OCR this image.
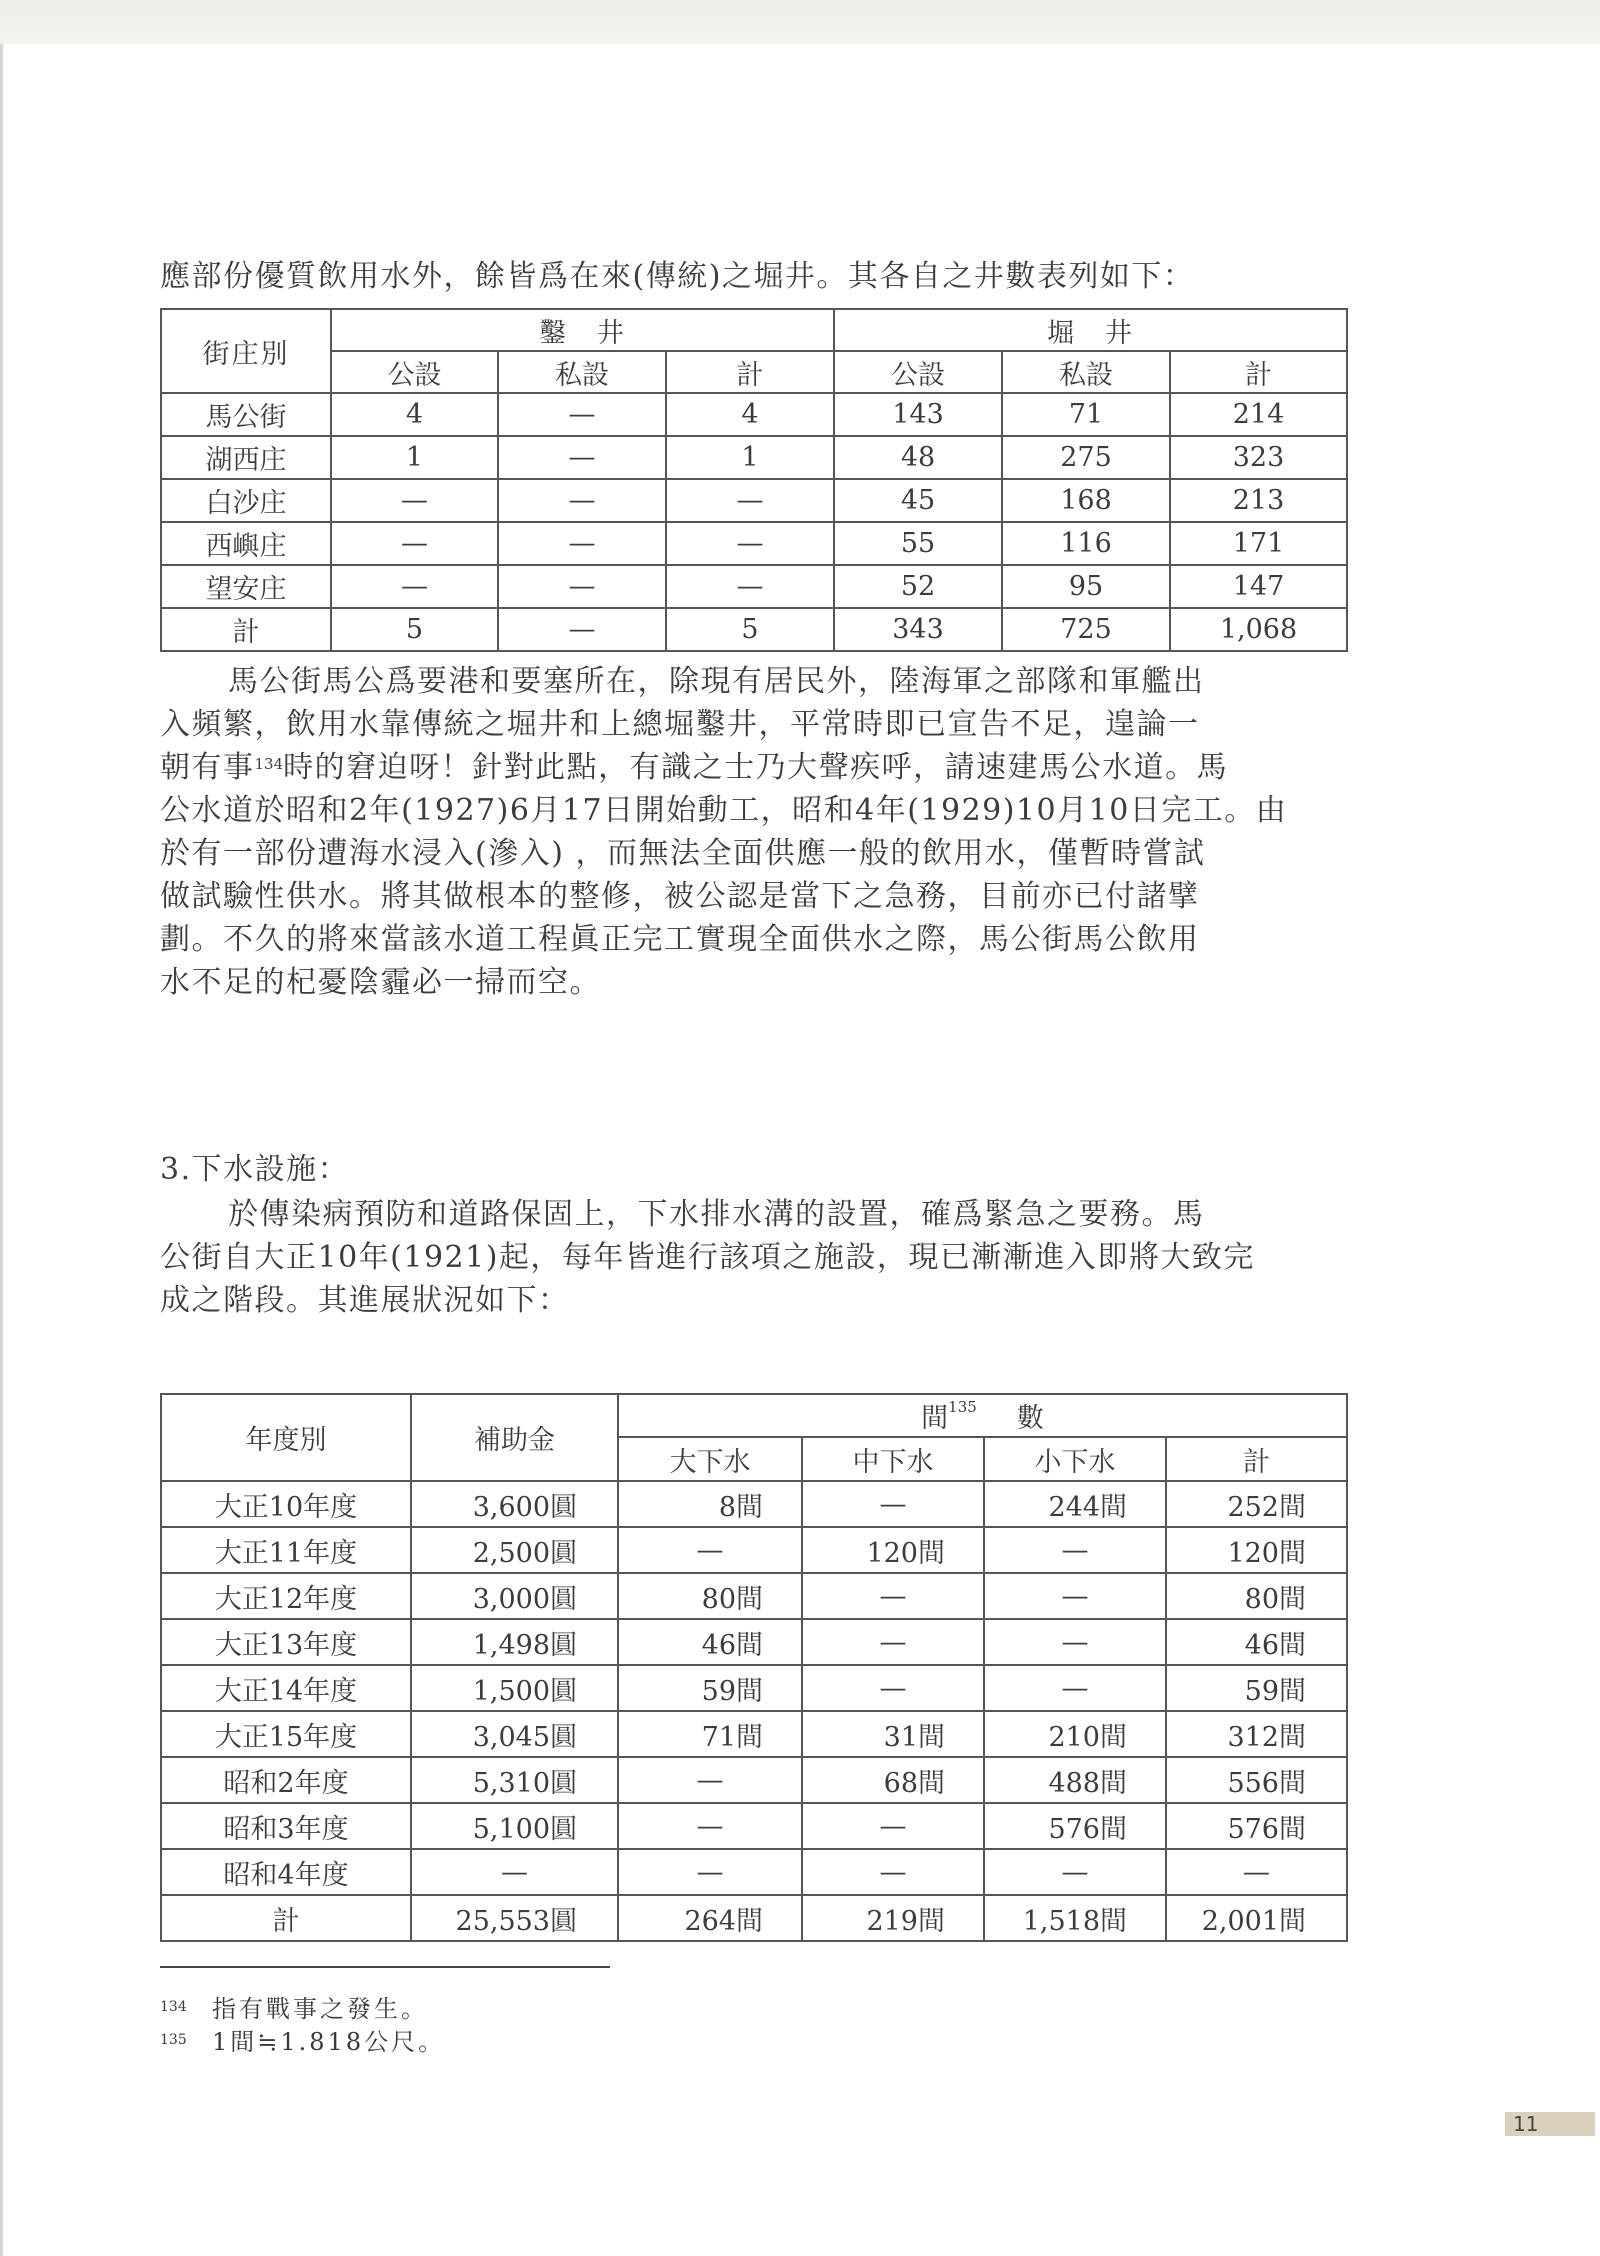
應部份優質飲用水外，餘皆爲在來(傳統)之堀井。其各自之井數表列如下：
街庄別	鑿　井			堀　井		
	公設	私設	計	公設	私設	計
馬公街	4	—	4	143	71	214
湖西庄	1	—	1	48	275	323
白沙庄	—	—	—	45	168	213
西嶼庄	—	—	—	55	116	171
望安庄	—	—	—	52	95	147
計	5	—	5	343	725	1,068
馬公街馬公爲要港和要塞所在，除現有居民外，陸海軍之部隊和軍艦出
入頻繁，飲用水靠傳統之堀井和上總堀鑿井，平常時即已宣告不足，遑論一
朝有事$^{134}$時的窘迫呀！針對此點，有識之士乃大聲疾呼，請速建馬公水道。馬
公水道於昭和2年(1927)6月17日開始動工，昭和4年(1929)10月10日完工。由
於有一部份遭海水浸入(滲入) ，而無法全面供應一般的飲用水，僅暫時嘗試
做試驗性供水。將其做根本的整修，被公認是當下之急務，目前亦已付諸擘
劃。不久的將來當該水道工程眞正完工實現全面供水之際，馬公街馬公飲用
水不足的杞憂陰霾必一掃而空。
3.下水設施：
於傳染病預防和道路保固上，下水排水溝的設置，確爲緊急之要務。馬
公街自大正10年(1921)起，每年皆進行該項之施設，現已漸漸進入即將大致完
成之階段。其進展狀況如下：
年度別	補助金	間$^{135}$ 數			
		大下水	中下水	小下水	計
大正10年度	3,600圓	8間	—	244間	252間
大正11年度	2,500圓	—	120間	—	120間
大正12年度	3,000圓	80間	—	—	80間
大正13年度	1,498圓	46間	—	—	46間
大正14年度	1,500圓	59間	—	—	59間
大正15年度	3,045圓	71間	31間	210間	312間
昭和2年度	5,310圓	—	68間	488間	556間
昭和3年度	5,100圓	—	—	576間	576間
昭和4年度	—	—	—	—	—
計	25,553圓	264間	219間	1,518間	2,001間
134 指有戰事之發生。
135 1間≒1.818公尺。
11
